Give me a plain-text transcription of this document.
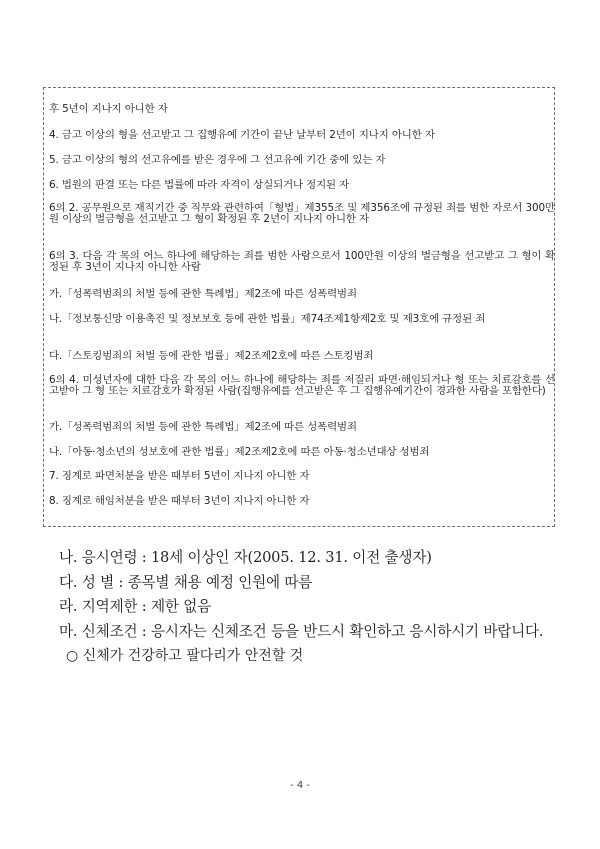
후 5년이 지나지 아니한 자
4. 금고 이상의 형을 선고받고 그 집행유예 기간이 끝난 날부터 2년이 지나지 아니한 자
5. 금고 이상의 형의 선고유예를 받은 경우에 그 선고유예 기간 중에 있는 자
6. 법원의 판결 또는 다른 법률에 따라 자격이 상실되거나 정지된 자
6의 2. 공무원으로 재직기간 중 직무와 관련하여「형법」제355조 및 제356조에 규정된 죄를 범한 자로서 300만원 이상의 벌금형을 선고받고 그 형이 확정된 후 2년이 지나지 아니한 자
6의 3. 다음 각 목의 어느 하나에 해당하는 죄를 범한 사람으로서 100만원 이상의 벌금형을 선고받고 그 형이 확정된 후 3년이 지나지 아니한 사람
가.「성폭력범죄의 처벌 등에 관한 특례법」제2조에 따른 성폭력범죄
나.「정보통신망 이용촉진 및 정보보호 등에 관한 법률」제74조제1항제2호 및 제3호에 규정된 죄
다.「스토킹범죄의 처벌 등에 관한 법률」제2조제2호에 따른 스토킹범죄
6의 4. 미성년자에 대한 다음 각 목의 어느 하나에 해당하는 죄를 저질러 파면·해임되거나 형 또는 치료감호를 선고받아 그 형 또는 치료감호가 확정된 사람(집행유예를 선고받은 후 그 집행유예기간이 경과한 사람을 포함한다)
가.「성폭력범죄의 처벌 등에 관한 특례법」제2조에 따른 성폭력범죄
나.「아동·청소년의 성보호에 관한 법률」제2조제2호에 따른 아동·청소년대상 성범죄
7. 징계로 파면처분을 받은 때부터 5년이 지나지 아니한 자
8. 징계로 해임처분을 받은 때부터 3년이 지나지 아니한 자
나. 응시연령 : 18세 이상인 자(2005. 12. 31. 이전 출생자)
다. 성 별 : 종목별 채용 예정 인원에 따름
라. 지역제한 : 제한 없음
마. 신체조건 : 응시자는 신체조건 등을 반드시 확인하고 응시하시기 바랍니다.
○ 신체가 건강하고 팔다리가 안전할 것
- 4 -
